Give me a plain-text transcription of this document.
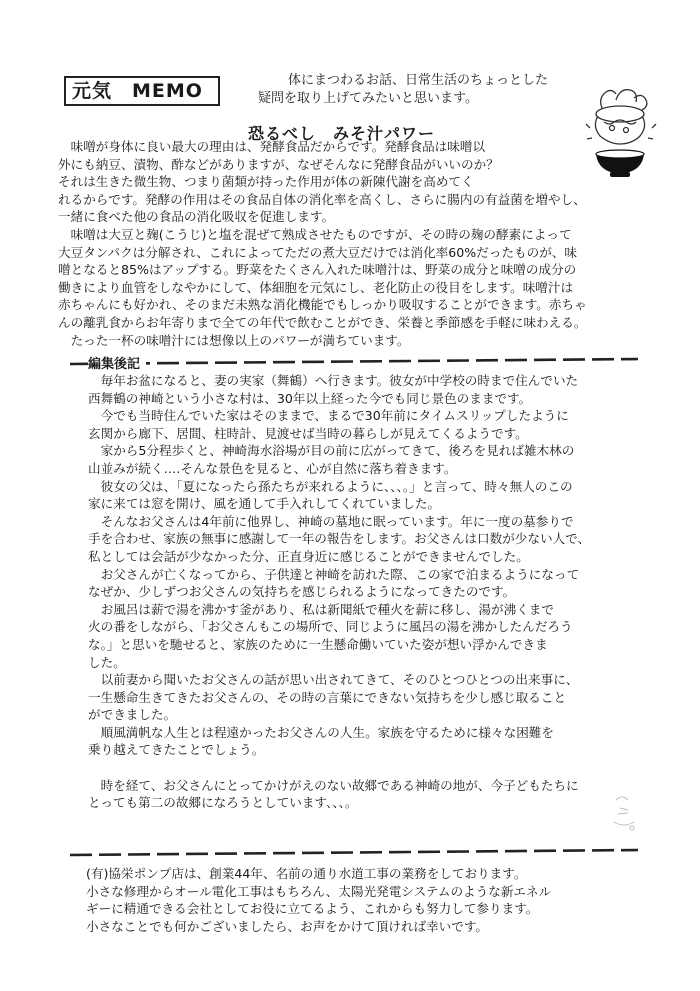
元気　MEMO	体にまつわるお話、日常生活のちょっとした
疑問を取り上げてみたいと思います。
恐るべし　みそ汁パワー
　味噌が身体に良い最大の理由は、発酵食品だからです。発酵食品は味噌以
外にも納豆、漬物、酢などがありますが、なぜそんなに発酵食品がいいのか？
それは生きた微生物、つまり菌類が持った作用が体の新陳代謝を高めてく
れるからです。発酵の作用はその食品自体の消化率を高くし、さらに腸内の有益菌を増やし、
一緒に食べた他の食品の消化吸収を促進します。
　味噌は大豆と麹(こうじ)と塩を混ぜて熟成させたものですが、その時の麹の酵素によって
大豆タンパクは分解され、これによってただの煮大豆だけでは消化率60%だったものが、味
噌となると85%はアップする。野菜をたくさん入れた味噌汁は、野菜の成分と味噌の成分の
働きにより血管をしなやかにして、体細胞を元気にし、老化防止の役目をします。味噌汁は
赤ちゃんにも好かれ、そのまだ未熟な消化機能でもしっかり吸収することができます。赤ちゃ
んの離乳食からお年寄りまで全ての年代で飲むことができ、栄養と季節感を手軽に味わえる。
　たった一杯の味噌汁には想像以上のパワーが満ちています。
編集後記
　毎年お盆になると、妻の実家（舞鶴）へ行きます。彼女が中学校の時まで住んでいた
西舞鶴の神崎という小さな村は、30年以上経った今でも同じ景色のままです。
　今でも当時住んでいた家はそのままで、まるで30年前にタイムスリップしたように
玄関から廊下、居間、柱時計、見渡せば当時の暮らしが見えてくるようです。
　家から5分程歩くと、神崎海水浴場が目の前に広がってきて、後ろを見れば雑木林の
山並みが続く‥‥そんな景色を見ると、心が自然に落ち着きます。
　彼女の父は、「夏になったら孫たちが来れるように、、、。」と言って、時々無人のこの
家に来ては窓を開け、風を通して手入れしてくれていました。
　そんなお父さんは4年前に他界し、神崎の墓地に眠っています。年に一度の墓参りで
手を合わせ、家族の無事に感謝して一年の報告をします。お父さんは口数が少ない人で、
私としては会話が少なかった分、正直身近に感じることができませんでした。
　お父さんが亡くなってから、子供達と神崎を訪れた際、この家で泊まるようになって
なぜか、少しずつお父さんの気持ちを感じられるようになってきたのです。
　お風呂は薪で湯を沸かす釜があり、私は新聞紙で種火を薪に移し、湯が沸くまで
火の番をしながら、「お父さんもこの場所で、同じように風呂の湯を沸かしたんだろう
な。」と思いを馳せると、家族のために一生懸命働いていた姿が想い浮かんできま
した。
　以前妻から聞いたお父さんの話が思い出されてきて、そのひとつひとつの出来事に、
一生懸命生きてきたお父さんの、その時の言葉にできない気持ちを少し感じ取ること
ができました。
　順風満帆な人生とは程遠かったお父さんの人生。家族を守るために様々な困難を
乗り越えてきたことでしょう。
　時を経て、お父さんにとってかけがえのない故郷である神崎の地が、今子どもたちに
とっても第二の故郷になろうとしています、、、。
(有)協栄ポンプ店は、創業44年、名前の通り水道工事の業務をしております。
小さな修理からオール電化工事はもちろん、太陽光発電システムのような新エネル
ギーに精通できる会社としてお役に立てるよう、これからも努力して参ります。
小さなことでも何かございましたら、お声をかけて頂ければ幸いです。
